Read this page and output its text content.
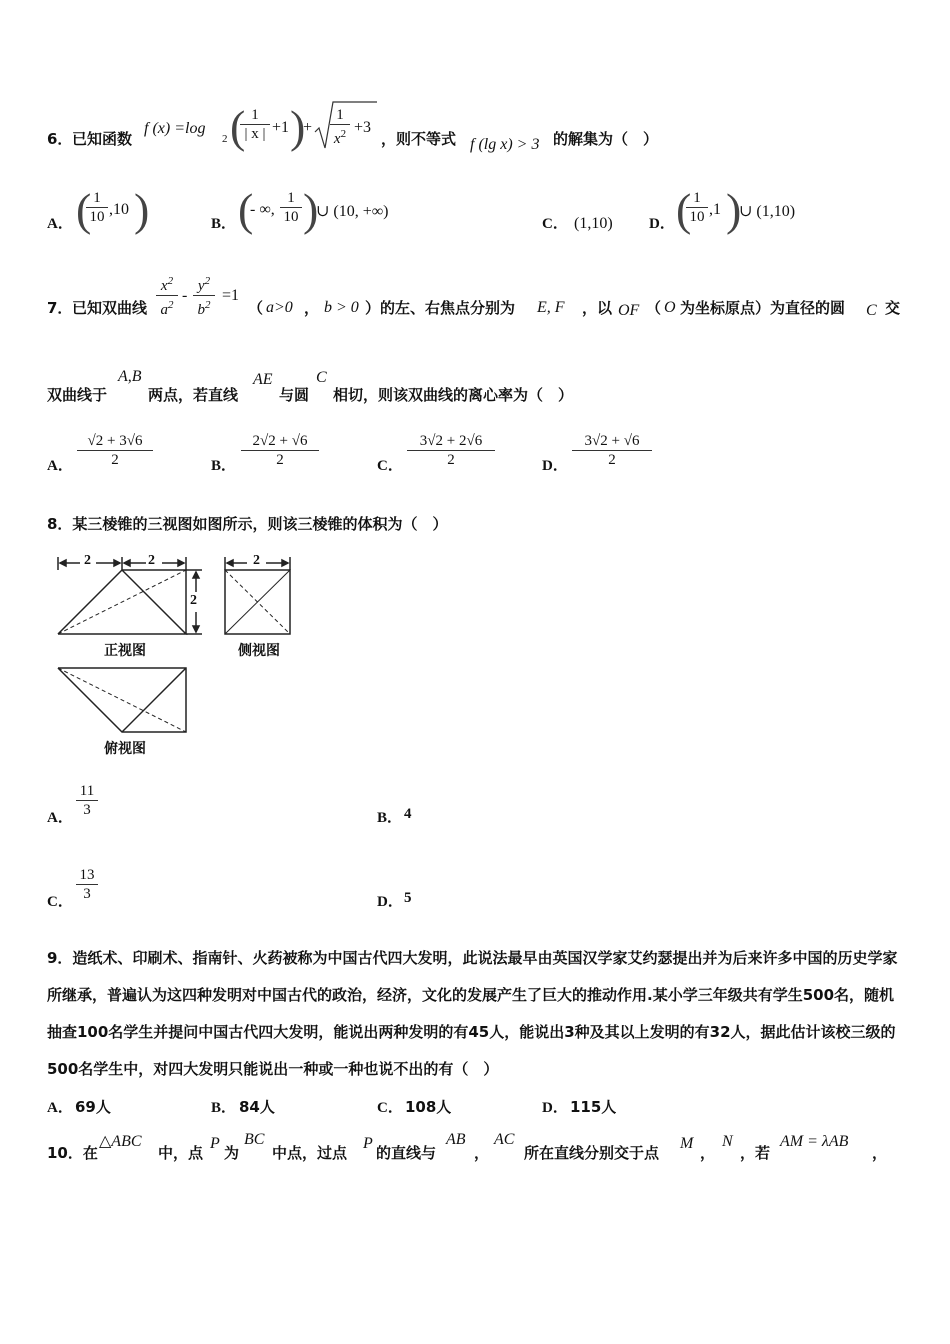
6． 已知函数
f (x) =log
2 (
$\frac{1}{| x |} +1$ )
+ $\frac{1}{x^2} +3$
，则不等式 f (lg x) > 3 的解集为（　）
A． (
$\frac{1}{10} ,10$ )	B． (
- ∞, $\frac{1}{10}$ )
∪ (10, +∞)
C． (1,10) D． (
$\frac{1}{10} ,1$ )
∪ (1,10)
7． 已知双曲线 $\frac{x^2}{a^2} - \frac{y^2}{b^2} =1$
（ a>0 ， b > 0 ）的左、右焦点分别为 E, F ，以 OF （ O 为坐标原点）为直径的圆 C 交
双曲线于
A,B
两点，若直线
AE
与圆
C
相切，则该双曲线的离心率为（　）
A． $\frac{√2 + 3√6}{2}$	B． $\frac{2√2 + √6}{2}$	C． $\frac{3√2 + 2√6}{2}$	D． $\frac{3√2 + √6}{2}$
8．某三棱锥的三视图如图所示，则该三棱锥的体积为（　）
2	2
2
2
正视图	侧视图
俯视图
A． $\frac{11}{3}$	B． 4
C． $\frac{13}{3}$	D． 5
9．造纸术、印刷术、指南针、火药被称为中国古代四大发明，此说法最早由英国汉学家艾约瑟提出并为后来许多中国的历史学家所继承，普遍认为这四种发明对中国古代的政治，经济，文化的发展产生了巨大的推动作用.某小学三年级共有学生500名，随机抽查100名学生并提问中国古代四大发明，能说出两种发明的有45人，能说出3种及其以上发明的有32人，据此估计该校三级的500名学生中，对四大发明只能说出一种或一种也说不出的有（　）
A． 69人	B． 84人	C． 108人	D． 115人
10．在
△ABC
中，点
P
为
BC
中点，过点
P
的直线与
AB
，
AC
所在直线分别交于点
M
，
N
，若
AM = λAB
，
